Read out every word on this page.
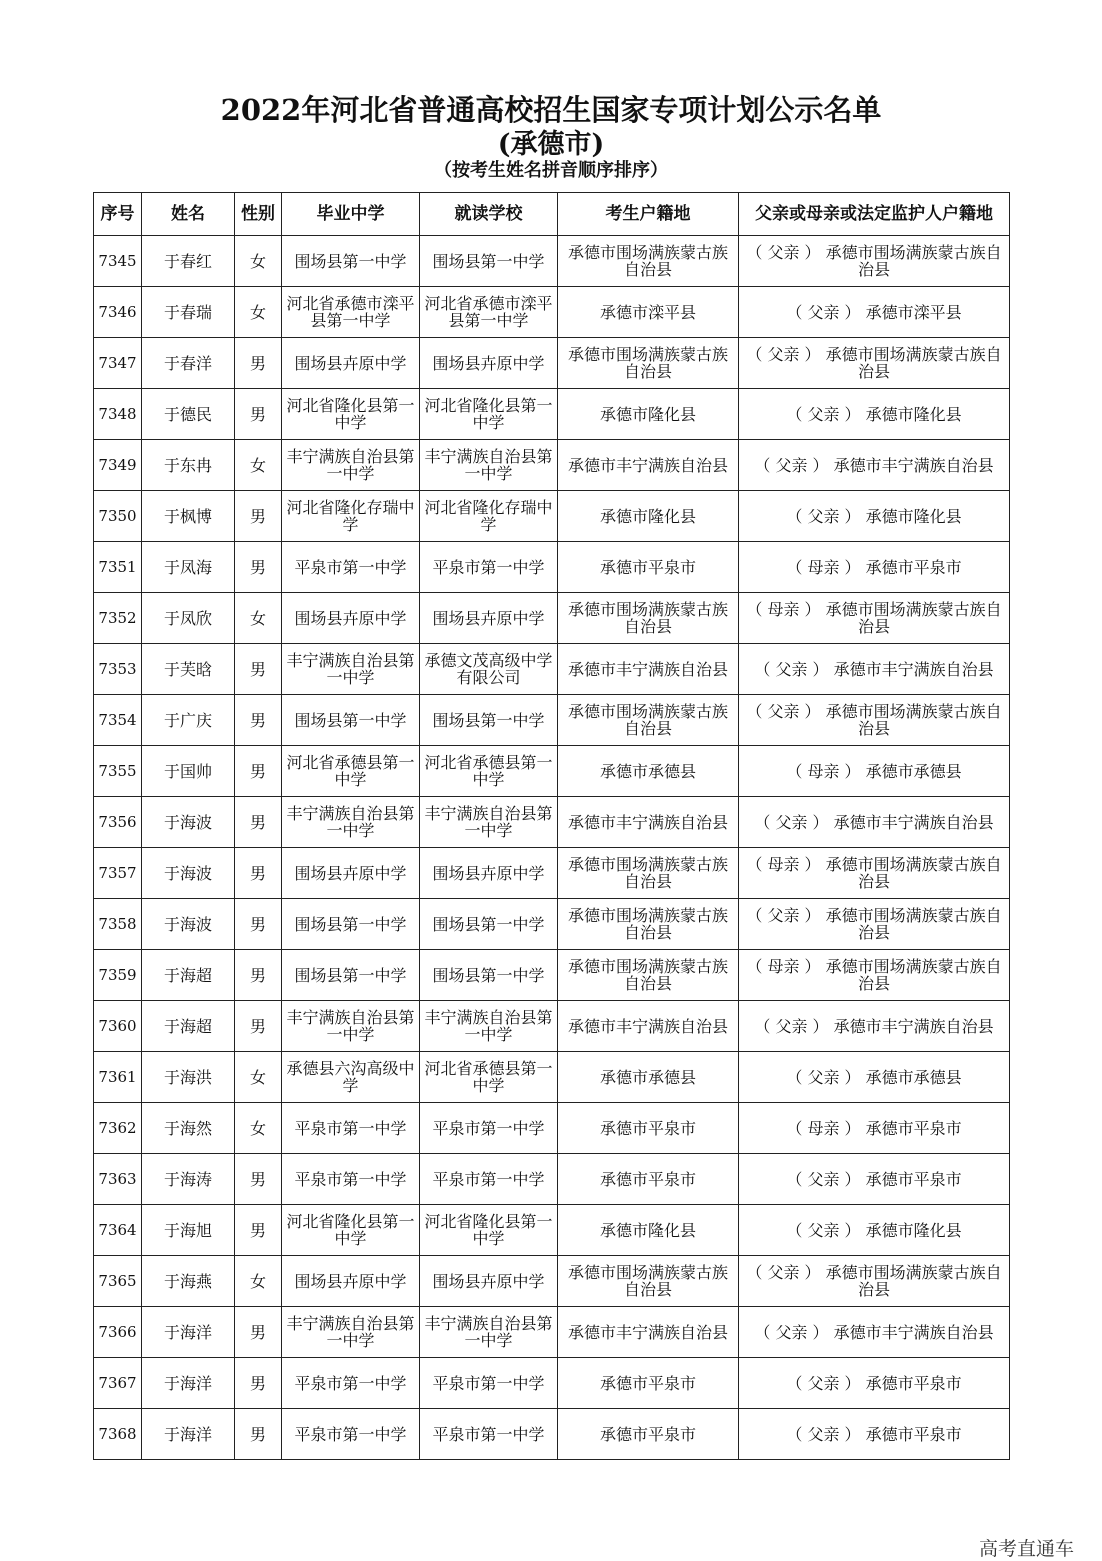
2022年河北省普通高校招生国家专项计划公示名单
(承德市)
（按考生姓名拼音顺序排序）
序号	姓名	性别	毕业中学	就读学校	考生户籍地	父亲或母亲或法定监护人户籍地
7345	于春红	女	围场县第一中学	围场县第一中学	承德市围场满族蒙古族自治县	（ 父亲 ） 承德市围场满族蒙古族自治县
7346	于春瑞	女	河北省承德市滦平县第一中学	河北省承德市滦平县第一中学	承德市滦平县	（ 父亲 ） 承德市滦平县
7347	于春洋	男	围场县卉原中学	围场县卉原中学	承德市围场满族蒙古族自治县	（ 父亲 ） 承德市围场满族蒙古族自治县
7348	于德民	男	河北省隆化县第一中学	河北省隆化县第一中学	承德市隆化县	（ 父亲 ） 承德市隆化县
7349	于东冉	女	丰宁满族自治县第一中学	丰宁满族自治县第一中学	承德市丰宁满族自治县	（ 父亲 ） 承德市丰宁满族自治县
7350	于枫博	男	河北省隆化存瑞中学	河北省隆化存瑞中学	承德市隆化县	（ 父亲 ） 承德市隆化县
7351	于凤海	男	平泉市第一中学	平泉市第一中学	承德市平泉市	（ 母亲 ） 承德市平泉市
7352	于凤欣	女	围场县卉原中学	围场县卉原中学	承德市围场满族蒙古族自治县	（ 母亲 ） 承德市围场满族蒙古族自治县
7353	于芙晗	男	丰宁满族自治县第一中学	承德文茂高级中学有限公司	承德市丰宁满族自治县	（ 父亲 ） 承德市丰宁满族自治县
7354	于广庆	男	围场县第一中学	围场县第一中学	承德市围场满族蒙古族自治县	（ 父亲 ） 承德市围场满族蒙古族自治县
7355	于国帅	男	河北省承德县第一中学	河北省承德县第一中学	承德市承德县	（ 母亲 ） 承德市承德县
7356	于海波	男	丰宁满族自治县第一中学	丰宁满族自治县第一中学	承德市丰宁满族自治县	（ 父亲 ） 承德市丰宁满族自治县
7357	于海波	男	围场县卉原中学	围场县卉原中学	承德市围场满族蒙古族自治县	（ 母亲 ） 承德市围场满族蒙古族自治县
7358	于海波	男	围场县第一中学	围场县第一中学	承德市围场满族蒙古族自治县	（ 父亲 ） 承德市围场满族蒙古族自治县
7359	于海超	男	围场县第一中学	围场县第一中学	承德市围场满族蒙古族自治县	（ 母亲 ） 承德市围场满族蒙古族自治县
7360	于海超	男	丰宁满族自治县第一中学	丰宁满族自治县第一中学	承德市丰宁满族自治县	（ 父亲 ） 承德市丰宁满族自治县
7361	于海洪	女	承德县六沟高级中学	河北省承德县第一中学	承德市承德县	（ 父亲 ） 承德市承德县
7362	于海然	女	平泉市第一中学	平泉市第一中学	承德市平泉市	（ 母亲 ） 承德市平泉市
7363	于海涛	男	平泉市第一中学	平泉市第一中学	承德市平泉市	（ 父亲 ） 承德市平泉市
7364	于海旭	男	河北省隆化县第一中学	河北省隆化县第一中学	承德市隆化县	（ 父亲 ） 承德市隆化县
7365	于海燕	女	围场县卉原中学	围场县卉原中学	承德市围场满族蒙古族自治县	（ 父亲 ） 承德市围场满族蒙古族自治县
7366	于海洋	男	丰宁满族自治县第一中学	丰宁满族自治县第一中学	承德市丰宁满族自治县	（ 父亲 ） 承德市丰宁满族自治县
7367	于海洋	男	平泉市第一中学	平泉市第一中学	承德市平泉市	（ 父亲 ） 承德市平泉市
7368	于海洋	男	平泉市第一中学	平泉市第一中学	承德市平泉市	（ 父亲 ） 承德市平泉市
高考直通车
